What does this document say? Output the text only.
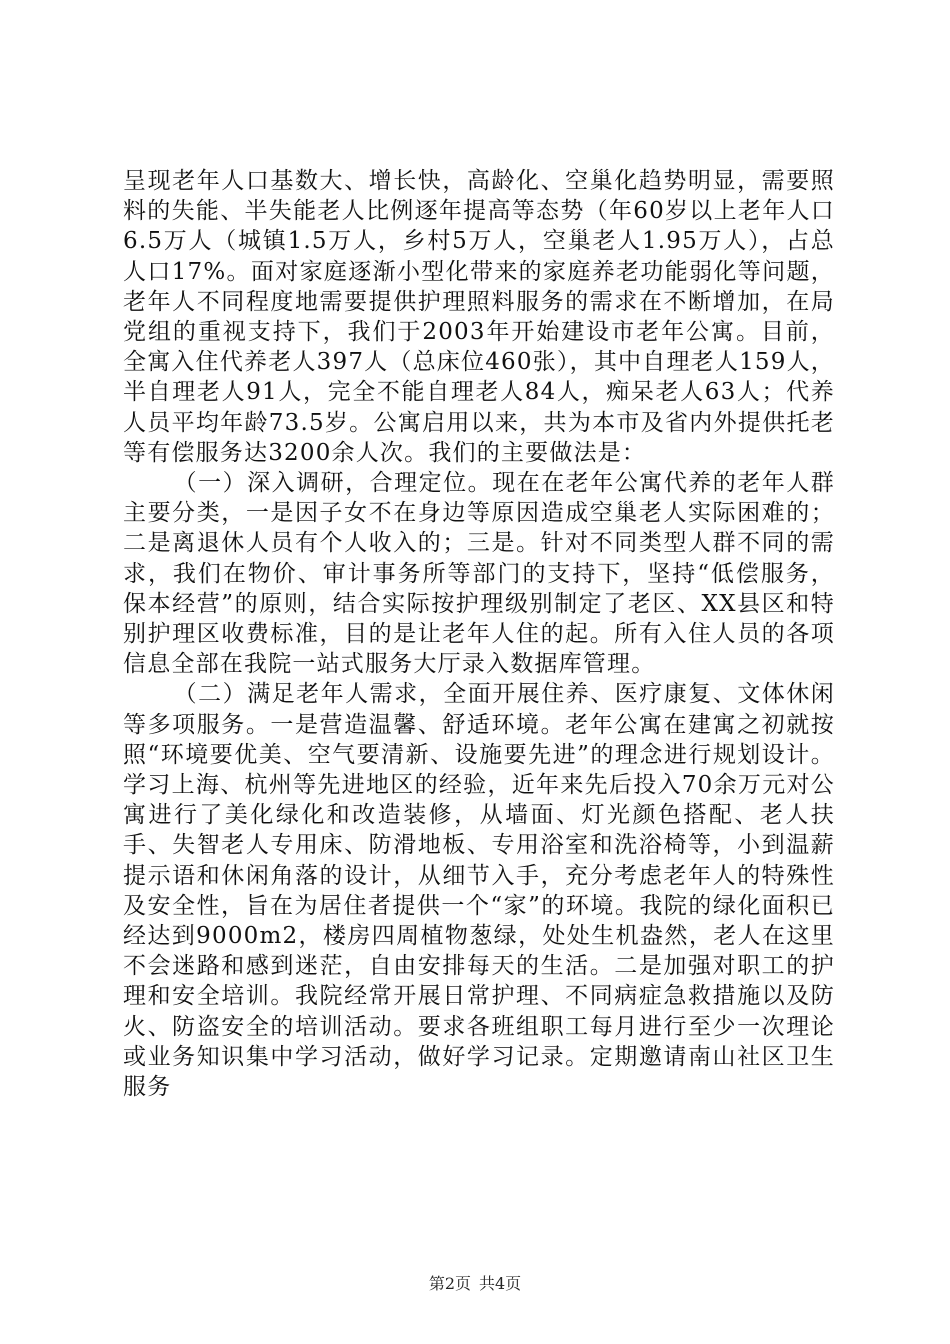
呈现老年人口基数大、增长快，高龄化、空巢化趋势明显，需要照料的失能、半失能老人比例逐年提高等态势（年60岁以上老年人口6.5万人（城镇1.5万人，乡村5万人，空巢老人1.95万人），占总人口17%。面对家庭逐渐小型化带来的家庭养老功能弱化等问题，老年人不同程度地需要提供护理照料服务的需求在不断增加，在局党组的重视支持下，我们于2003年开始建设市老年公寓。目前，全寓入住代养老人397人（总床位460张），其中自理老人159人，半自理老人91人，完全不能自理老人84人，痴呆老人63人；代养人员平均年龄73.5岁。公寓启用以来，共为本市及省内外提供托老等有偿服务达3200余人次。我们的主要做法是：

（一）深入调研，合理定位。现在在老年公寓代养的老年人群主要分类，一是因子女不在身边等原因造成空巢老人实际困难的；二是离退休人员有个人收入的；三是。针对不同类型人群不同的需求，我们在物价、审计事务所等部门的支持下，坚持“低偿服务，保本经营”的原则，结合实际按护理级别制定了老区、XX县区和特别护理区收费标准，目的是让老年人住的起。所有入住人员的各项信息全部在我院一站式服务大厅录入数据库管理。

（二）满足老年人需求，全面开展住养、医疗康复、文体休闲等多项服务。一是营造温馨、舒适环境。老年公寓在建寓之初就按照“环境要优美、空气要清新、设施要先进”的理念进行规划设计。学习上海、杭州等先进地区的经验，近年来先后投入70余万元对公寓进行了美化绿化和改造装修，从墙面、灯光颜色搭配、老人扶手、失智老人专用床、防滑地板、专用浴室和洗浴椅等，小到温薪提示语和休闲角落的设计，从细节入手，充分考虑老年人的特殊性及安全性，旨在为居住者提供一个“家”的环境。我院的绿化面积已经达到9000m2，楼房四周植物葱绿，处处生机盎然，老人在这里不会迷路和感到迷茫，自由安排每天的生活。二是加强对职工的护理和安全培训。我院经常开展日常护理、不同病症急救措施以及防火、防盗安全的培训活动。要求各班组职工每月进行至少一次理论或业务知识集中学习活动，做好学习记录。定期邀请南山社区卫生服务

第2页 共4页
